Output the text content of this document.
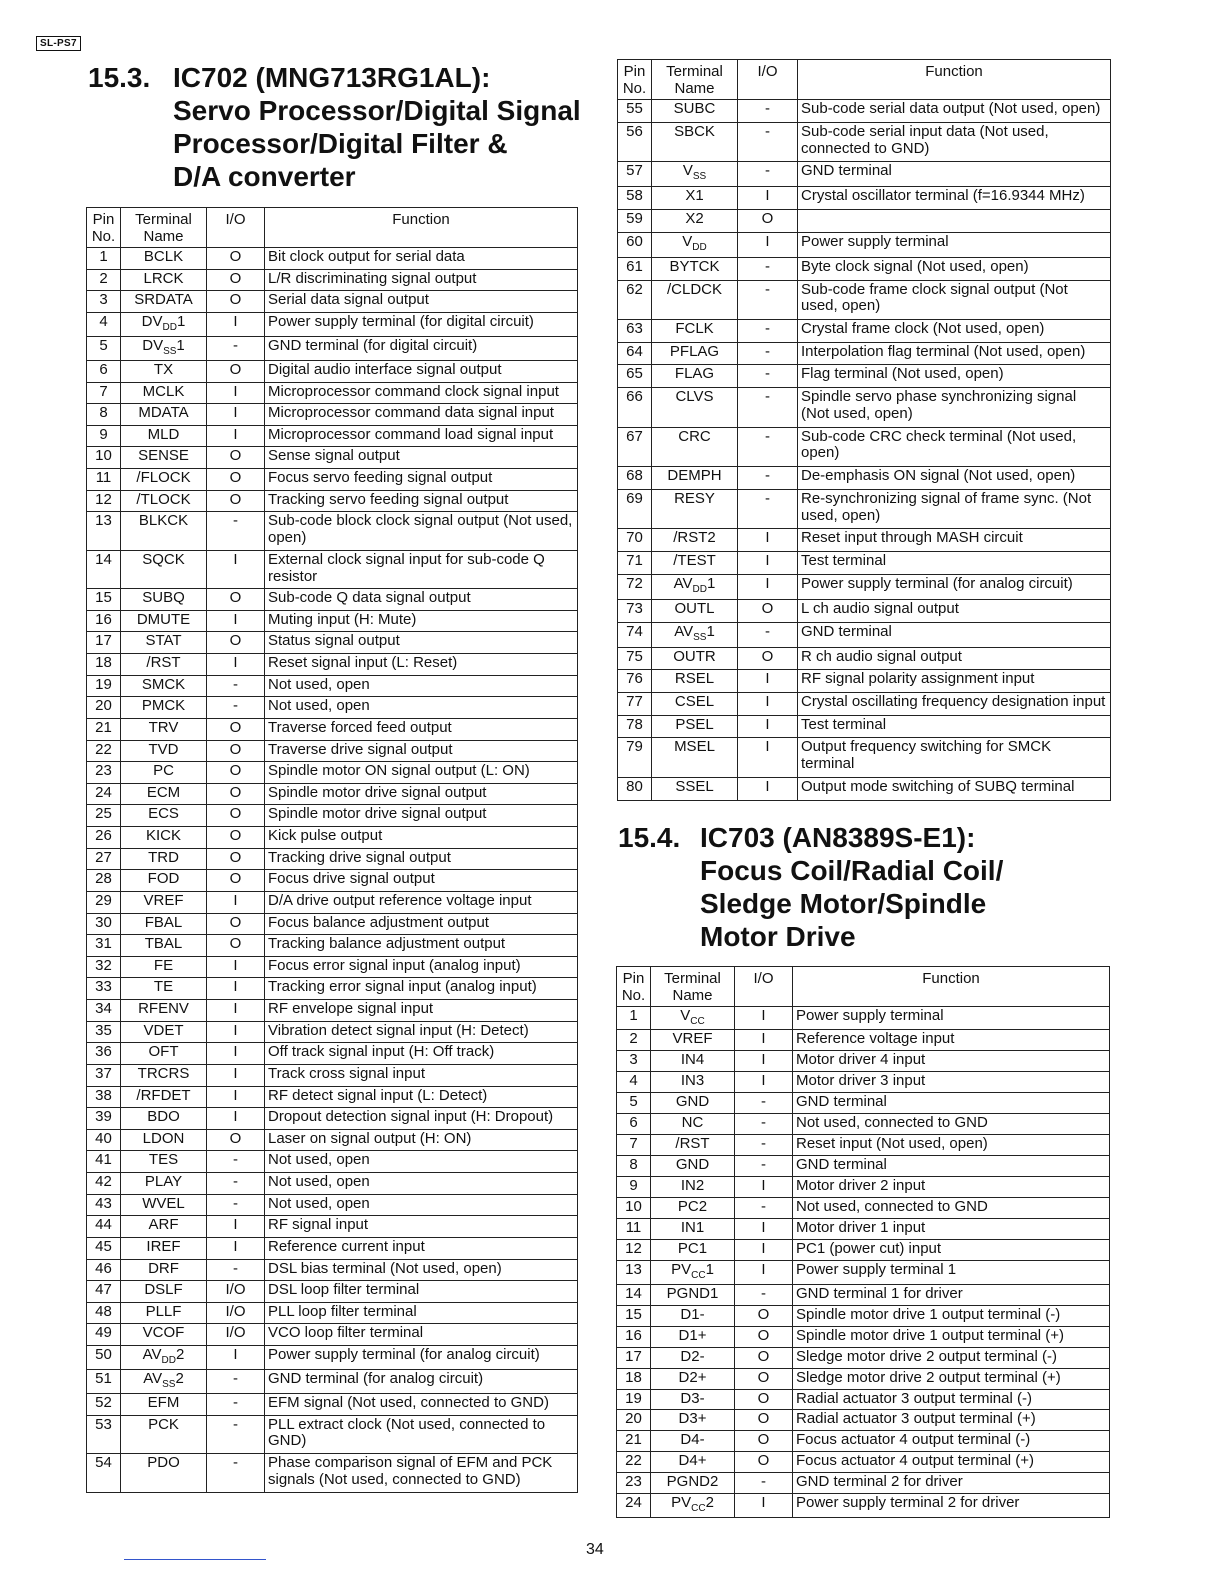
SL-PS7
15.3. IC702 (MNG713RG1AL):
Servo Processor/Digital Signal
Processor/Digital Filter &
D/A converter
Pin No.	Terminal Name	I/O	Function
1	BCLK	O	Bit clock output for serial data
2	LRCK	O	L/R discriminating signal output
3	SRDATA	O	Serial data signal output
4	$DV_{DD}1$	I	Power supply terminal (for digital circuit)
5	$DV_{SS}1$	-	GND terminal (for digital circuit)
6	TX	O	Digital audio interface signal output
7	MCLK	I	Microprocessor command clock signal input
8	MDATA	I	Microprocessor command data signal input
9	MLD	I	Microprocessor command load signal input
10	SENSE	O	Sense signal output
11	/FLOCK	O	Focus servo feeding signal output
12	/TLOCK	O	Tracking servo feeding signal output
13	BLKCK	-	Sub-code block clock signal output (Not used, open)
14	SQCK	I	External clock signal input for sub-code Q resistor
15	SUBQ	O	Sub-code Q data signal output
16	DMUTE	I	Muting input (H: Mute)
17	STAT	O	Status signal output
18	/RST	I	Reset signal input (L: Reset)
19	SMCK	-	Not used, open
20	PMCK	-	Not used, open
21	TRV	O	Traverse forced feed output
22	TVD	O	Traverse drive signal output
23	PC	O	Spindle motor ON signal output (L: ON)
24	ECM	O	Spindle motor drive signal output
25	ECS	O	Spindle motor drive signal output
26	KICK	O	Kick pulse output
27	TRD	O	Tracking drive signal output
28	FOD	O	Focus drive signal output
29	VREF	I	D/A drive output reference voltage input
30	FBAL	O	Focus balance adjustment output
31	TBAL	O	Tracking balance adjustment output
32	FE	I	Focus error signal input (analog input)
33	TE	I	Tracking error signal input (analog input)
34	RFENV	I	RF envelope signal input
35	VDET	I	Vibration detect signal input (H: Detect)
36	OFT	I	Off track signal input (H: Off track)
37	TRCRS	I	Track cross signal input
38	/RFDET	I	RF detect signal input (L: Detect)
39	BDO	I	Dropout detection signal input (H: Dropout)
40	LDON	O	Laser on signal output (H: ON)
41	TES	-	Not used, open
42	PLAY	-	Not used, open
43	WVEL	-	Not used, open
44	ARF	I	RF signal input
45	IREF	I	Reference current input
46	DRF	-	DSL bias terminal (Not used, open)
47	DSLF	I/O	DSL loop filter terminal
48	PLLF	I/O	PLL loop filter terminal
49	VCOF	I/O	VCO loop filter terminal
50	$AV_{DD}2$	I	Power supply terminal (for analog circuit)
51	$AV_{SS}2$	-	GND terminal (for analog circuit)
52	EFM	-	EFM signal (Not used, connected to GND)
53	PCK	-	PLL extract clock (Not used, connected to GND)
54	PDO	-	Phase comparison signal of EFM and PCK signals (Not used, connected to GND)
Pin No.	Terminal Name	I/O	Function
55	SUBC	-	Sub-code serial data output (Not used, open)
56	SBCK	-	Sub-code serial input data (Not used, connected to GND)
57	$V_{SS}$	-	GND terminal
58	X1	I	Crystal oscillator terminal (f=16.9344 MHz)
59	X2	O	
60	$V_{DD}$	I	Power supply terminal
61	BYTCK	-	Byte clock signal (Not used, open)
62	/CLDCK	-	Sub-code frame clock signal output (Not used, open)
63	FCLK	-	Crystal frame clock (Not used, open)
64	PFLAG	-	Interpolation flag terminal (Not used, open)
65	FLAG	-	Flag terminal (Not used, open)
66	CLVS	-	Spindle servo phase synchronizing signal (Not used, open)
67	CRC	-	Sub-code CRC check terminal (Not used, open)
68	DEMPH	-	De-emphasis ON signal (Not used, open)
69	RESY	-	Re-synchronizing signal of frame sync. (Not used, open)
70	/RST2	I	Reset input through MASH circuit
71	/TEST	I	Test terminal
72	$AV_{DD}1$	I	Power supply terminal (for analog circuit)
73	OUTL	O	L ch audio signal output
74	$AV_{SS}1$	-	GND terminal
75	OUTR	O	R ch audio signal output
76	RSEL	I	RF signal polarity assignment input
77	CSEL	I	Crystal oscillating frequency designation input
78	PSEL	I	Test terminal
79	MSEL	I	Output frequency switching for SMCK terminal
80	SSEL	I	Output mode switching of SUBQ terminal
15.4. IC703 (AN8389S-E1):
Focus Coil/Radial Coil/
Sledge Motor/Spindle
Motor Drive
Pin No.	Terminal Name	I/O	Function
1	$V_{CC}$	I	Power supply terminal
2	VREF	I	Reference voltage input
3	IN4	I	Motor driver 4 input
4	IN3	I	Motor driver 3 input
5	GND	-	GND terminal
6	NC	-	Not used, connected to GND
7	/RST	-	Reset input (Not used, open)
8	GND	-	GND terminal
9	IN2	I	Motor driver 2 input
10	PC2	-	Not used, connected to GND
11	IN1	I	Motor driver 1 input
12	PC1	I	PC1 (power cut) input
13	$PV_{CC}1$	I	Power supply terminal 1
14	PGND1	-	GND terminal 1 for driver
15	D1-	O	Spindle motor drive 1 output terminal (-)
16	D1+	O	Spindle motor drive 1 output terminal (+)
17	D2-	O	Sledge motor drive 2 output terminal (-)
18	D2+	O	Sledge motor drive 2 output terminal (+)
19	D3-	O	Radial actuator 3 output terminal (-)
20	D3+	O	Radial actuator 3 output terminal (+)
21	D4-	O	Focus actuator 4 output terminal (-)
22	D4+	O	Focus actuator 4 output terminal (+)
23	PGND2	-	GND terminal 2 for driver
24	$PV_{CC}2$	I	Power supply terminal 2 for driver
34
